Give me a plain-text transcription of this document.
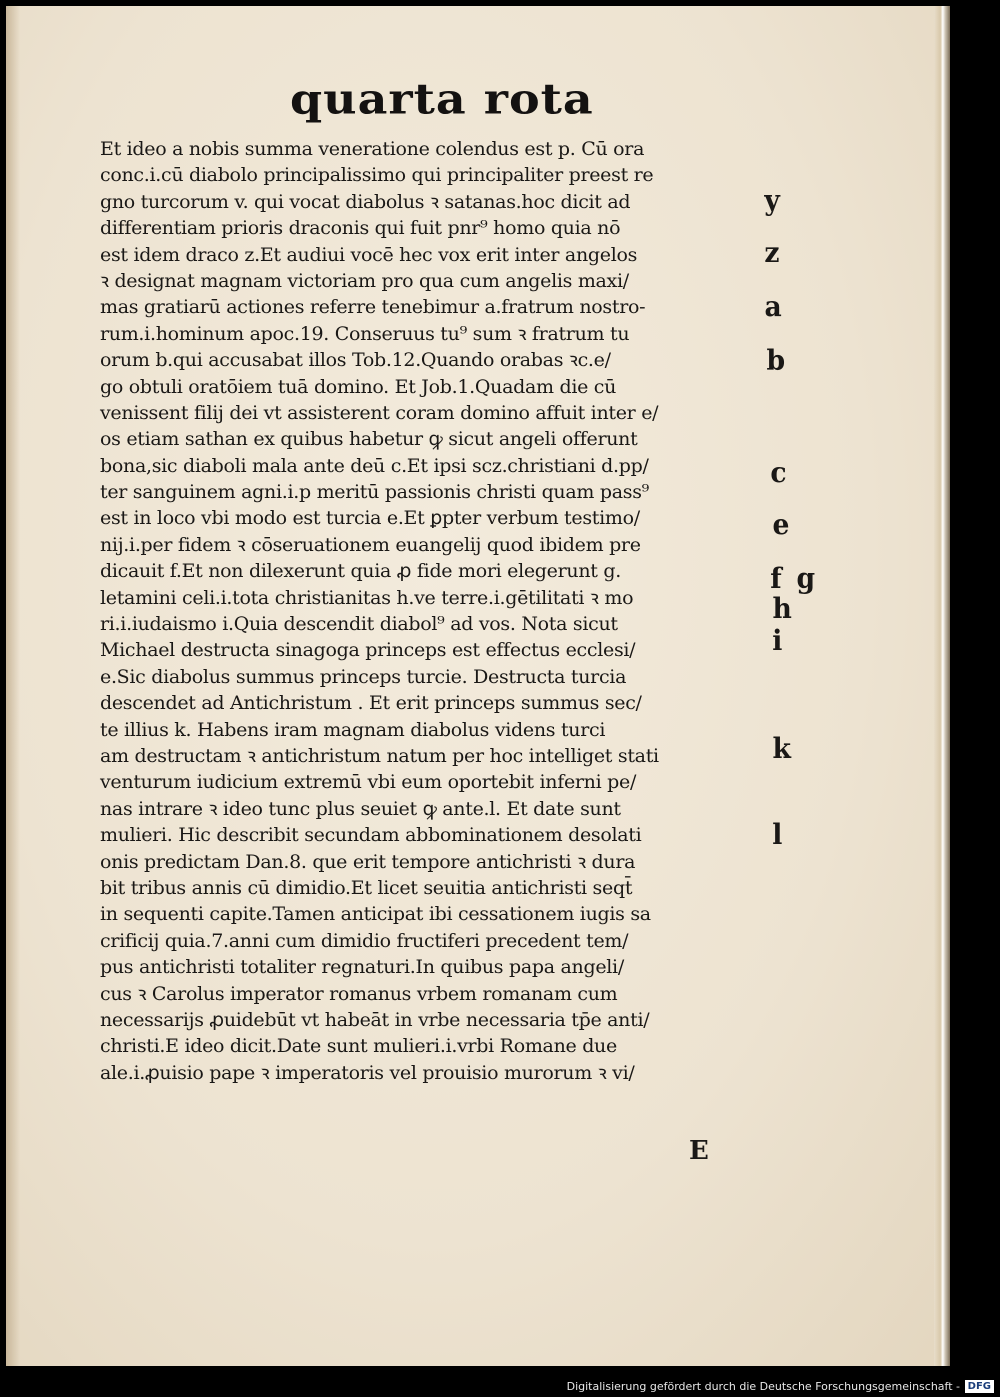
quarta rota
Et ideo a nobis summa veneratione colendus est p. Cū ora
conc.i.cū diabolo principalissimo qui principaliter preest re
gno turcorum v. qui vocat diabolus ꝛ satanas.hoc dicit ad
differentiam prioris draconis qui fuit pnr⁹ homo quia nō
est idem draco z.Et audiui vocē hec vox erit inter angelos
ꝛ designat magnam victoriam pro qua cum angelis maxi/
mas gratiarū actiones referre tenebimur a.fratrum nostro-
rum.i.hominum apoc.19. Conseruus tu⁹ sum ꝛ fratrum tu
orum b.qui accusabat illos Tob.12.Quando orabas ꝛc.e/
go obtuli oratōiem tuā domino. Et Job.1.Quadam die cū
venissent filij dei vt assisterent coram domino affuit inter e/
os etiam sathan ex quibus habetur ꝙ sicut angeli offerunt
bona,sic diaboli mala ante deū c.Et ipsi scz.christiani d.pp/
ter sanguinem agni.i.p meritū passionis christi quam pass⁹
est in loco vbi modo est turcia e.Et ꝑpter verbum testimo/
nij.i.per fidem ꝛ cōseruationem euangelij quod ibidem pre
dicauit f.Et non dilexerunt quia ꝓ fide mori elegerunt g.
letamini celi.i.tota christianitas h.ve terre.i.gētilitati ꝛ mo
ri.i.iudaismo i.Quia descendit diabol⁹ ad vos. Nota sicut
Michael destructa sinagoga princeps est effectus ecclesi/
e.Sic diabolus summus princeps turcie. Destructa turcia
descendet ad Antichristum . Et erit princeps summus sec/
te illius k. Habens iram magnam diabolus videns turci
am destructam ꝛ antichristum natum per hoc intelliget stati
venturum iudicium extremū vbi eum oportebit inferni pe/
nas intrare ꝛ ideo tunc plus seuiet ꝙ ante.l. Et date sunt
mulieri. Hic describit secundam abbominationem desolati
onis predictam Dan.8. que erit tempore antichristi ꝛ dura
bit tribus annis cū dimidio.Et licet seuitia antichristi seqt̄
in sequenti capite.Tamen anticipat ibi cessationem iugis sa
crificij quia.7.anni cum dimidio fructiferi precedent tem/
pus antichristi totaliter regnaturi.In quibus papa angeli/
cus ꝛ Carolus imperator romanus vrbem romanam cum
necessarijs ꝓuidebūt vt habeāt in vrbe necessaria tp̄e anti/
christi.E ideo dicit.Date sunt mulieri.i.vrbi Romane due
ale.i.ꝓuisio pape ꝛ imperatoris vel prouisio murorum ꝛ vi/
y
z
a
b
c
e
f g
h
i
k
l
E
Digitalisierung gefördert durch die Deutsche Forschungsgemeinschaft - DFG
